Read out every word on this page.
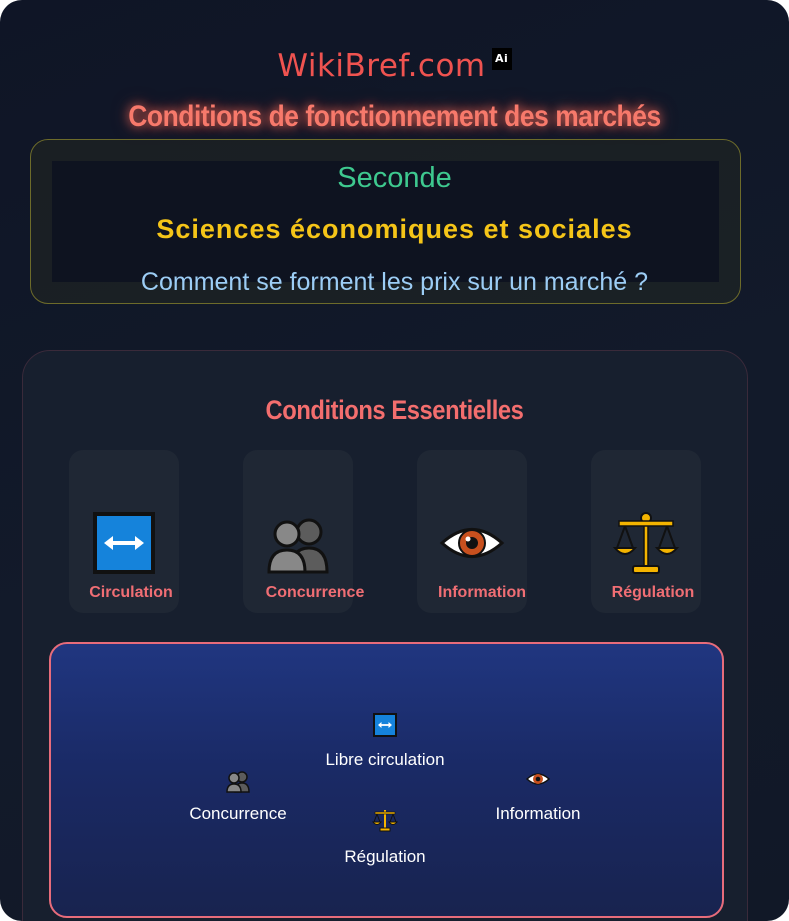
WikiBref.com Ai
Conditions de fonctionnement des marchés
Seconde
Sciences économiques et sociales
Comment se forment les prix sur un marché ?
Conditions Essentielles
Circulation	Concurrence	Information	Régulation
Libre circulation
Concurrence	Information
Régulation
